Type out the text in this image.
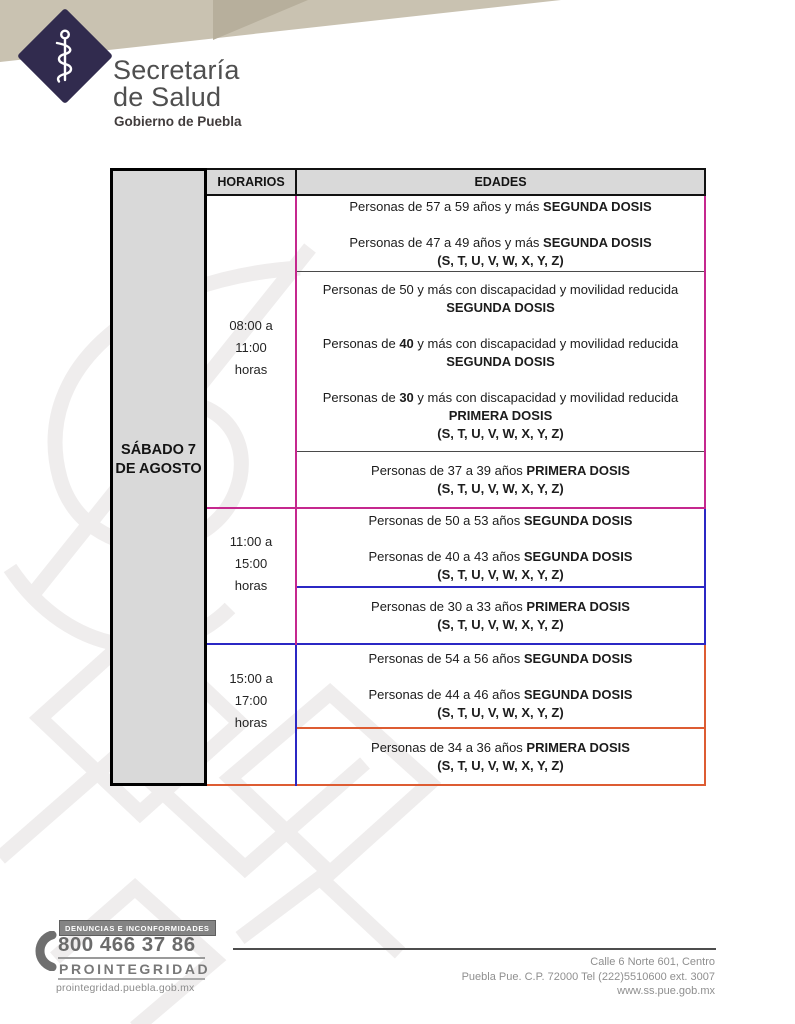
Secretaría
de Salud
Gobierno de Puebla
SÁBADO 7
DE AGOSTO
HORARIOS	EDADES
08:00 a
11:00
horas
Personas de 57 a 59 años y más SEGUNDA DOSIS
Personas de 47 a 49 años y más SEGUNDA DOSIS
(S, T, U, V, W, X, Y, Z)
Personas de 50 y más con discapacidad y movilidad reducida
SEGUNDA DOSIS
Personas de 40 y más con discapacidad y movilidad reducida
SEGUNDA DOSIS
Personas de 30 y más con discapacidad y movilidad reducida
PRIMERA DOSIS
(S, T, U, V, W, X, Y, Z)
Personas de 37 a 39 años PRIMERA DOSIS
(S, T, U, V, W, X, Y, Z)
11:00 a
15:00
horas
Personas de 50 a 53 años SEGUNDA DOSIS
Personas de 40 a 43 años SEGUNDA DOSIS
(S, T, U, V, W, X, Y, Z)
Personas de 30 a 33 años PRIMERA DOSIS
(S, T, U, V, W, X, Y, Z)
15:00 a
17:00
horas
Personas de 54 a 56 años SEGUNDA DOSIS
Personas de 44 a 46 años SEGUNDA DOSIS
(S, T, U, V, W, X, Y, Z)
Personas de 34 a 36 años PRIMERA DOSIS
(S, T, U, V, W, X, Y, Z)
DENUNCIAS E INCONFORMIDADES
800 466 37 86
PROINTEGRIDAD
prointegridad.puebla.gob.mx
Calle 6 Norte 601, Centro
Puebla Pue. C.P. 72000 Tel (222)5510600 ext. 3007
www.ss.pue.gob.mx
